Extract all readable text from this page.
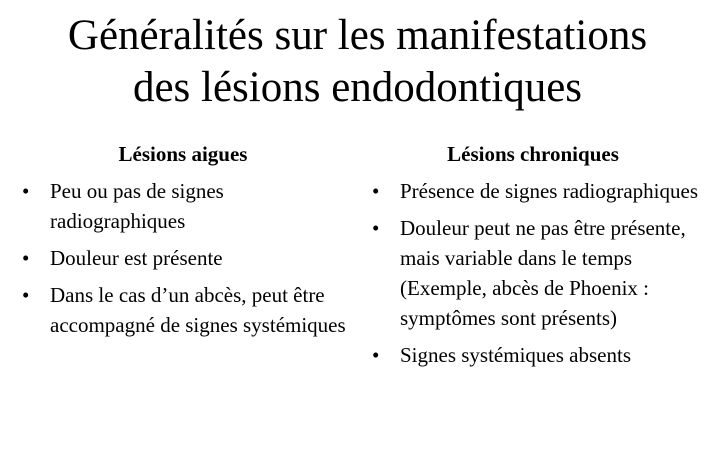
Généralités sur les manifestations
des lésions endodontiques
Lésions aigues
• Peu ou pas de signes radiographiques
• Douleur est présente
• Dans le cas d’un abcès, peut être accompagné de signes systémiques
Lésions chroniques
• Présence de signes radiographiques
• Douleur peut ne pas être présente, mais variable dans le temps (Exemple, abcès de Phoenix : symptômes sont présents)
• Signes systémiques absents
